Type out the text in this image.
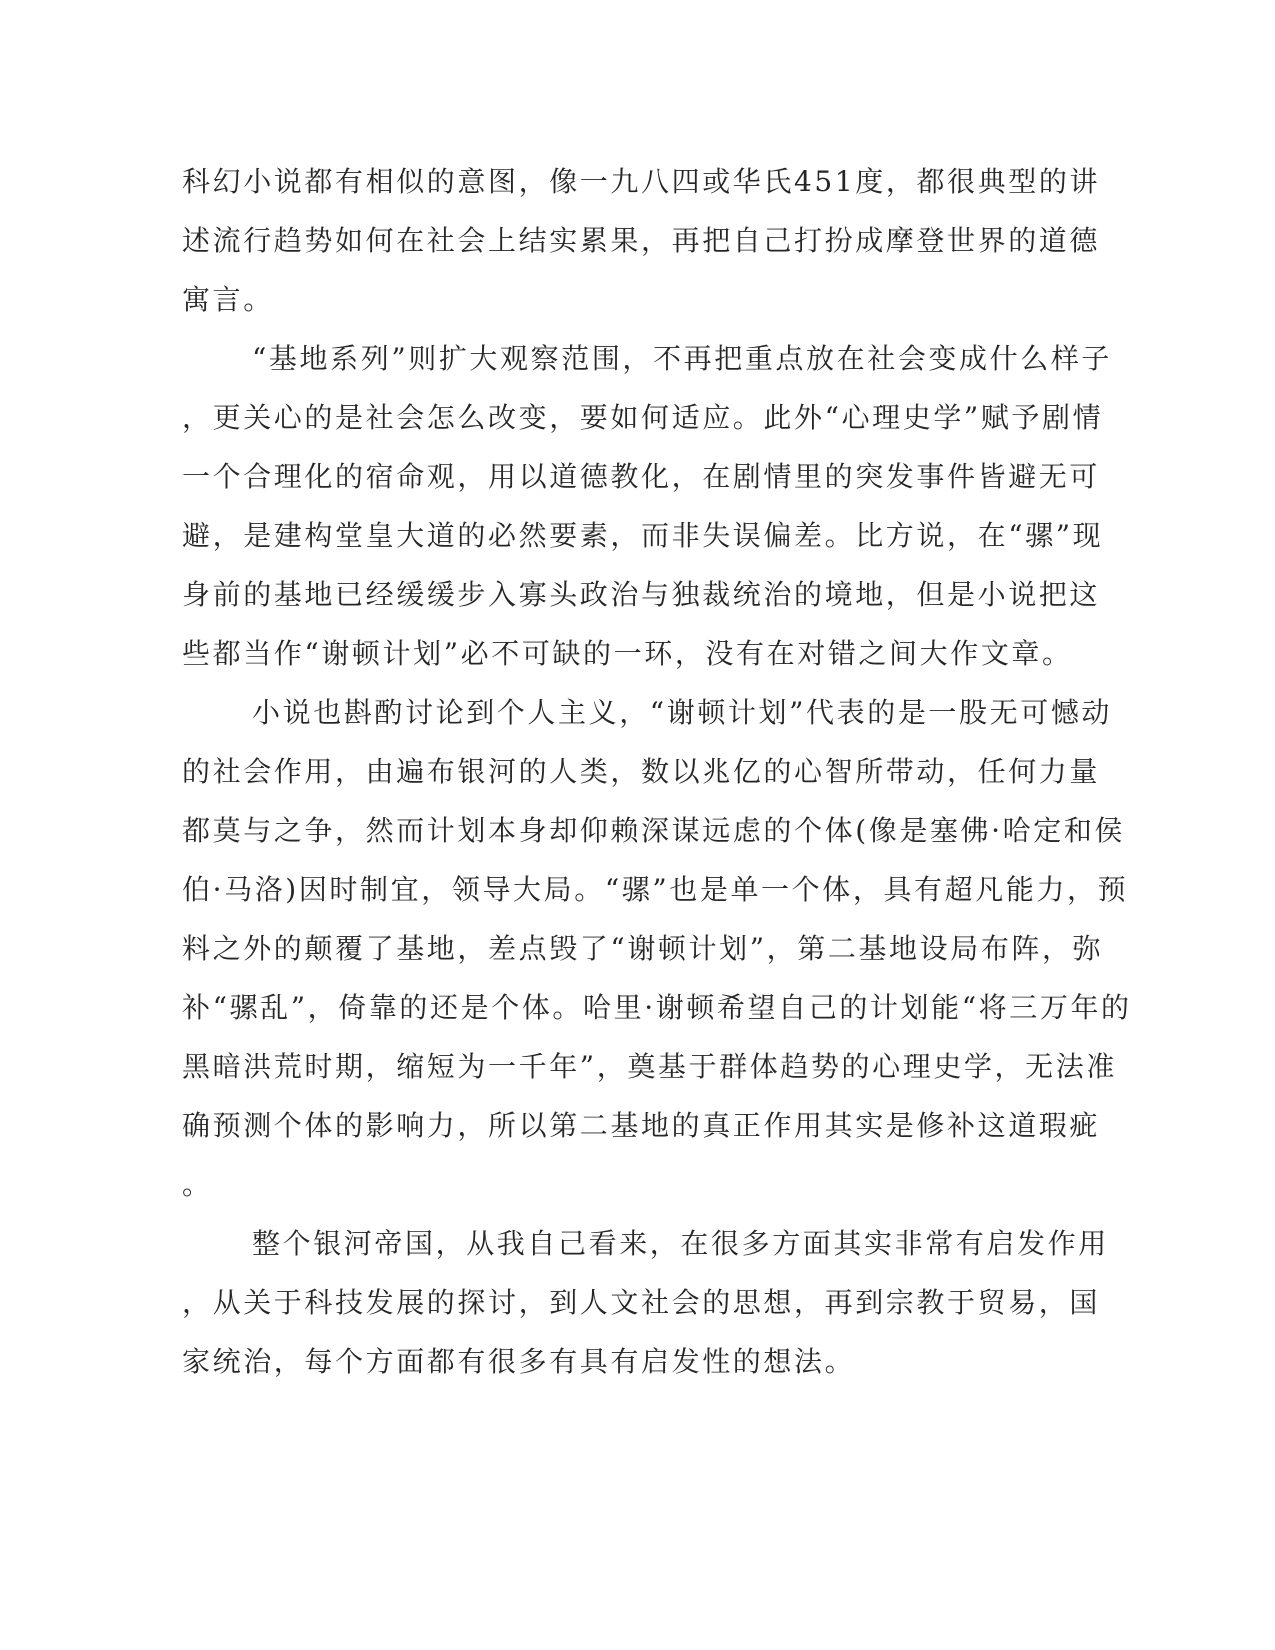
科幻小说都有相似的意图，像一九八四或华氏451度，都很典型的讲
述流行趋势如何在社会上结实累果，再把自己打扮成摩登世界的道德
寓言。
“基地系列”则扩大观察范围，不再把重点放在社会变成什么样子
，更关心的是社会怎么改变，要如何适应。此外“心理史学”赋予剧情
一个合理化的宿命观，用以道德教化，在剧情里的突发事件皆避无可
避，是建构堂皇大道的必然要素，而非失误偏差。比方说，在“骡”现
身前的基地已经缓缓步入寡头政治与独裁统治的境地，但是小说把这
些都当作“谢顿计划”必不可缺的一环，没有在对错之间大作文章。
小说也斟酌讨论到个人主义，“谢顿计划”代表的是一股无可憾动
的社会作用，由遍布银河的人类，数以兆亿的心智所带动，任何力量
都莫与之争，然而计划本身却仰赖深谋远虑的个体(像是塞佛·哈定和侯
伯·马洛)因时制宜，领导大局。“骡”也是单一个体，具有超凡能力，预
料之外的颠覆了基地，差点毁了“谢顿计划”，第二基地设局布阵，弥
补“骡乱”，倚靠的还是个体。哈里·谢顿希望自己的计划能“将三万年的
黑暗洪荒时期，缩短为一千年”，奠基于群体趋势的心理史学，无法准
确预测个体的影响力，所以第二基地的真正作用其实是修补这道瑕疵
。
整个银河帝国，从我自己看来，在很多方面其实非常有启发作用
，从关于科技发展的探讨，到人文社会的思想，再到宗教于贸易，国
家统治，每个方面都有很多有具有启发性的想法。
